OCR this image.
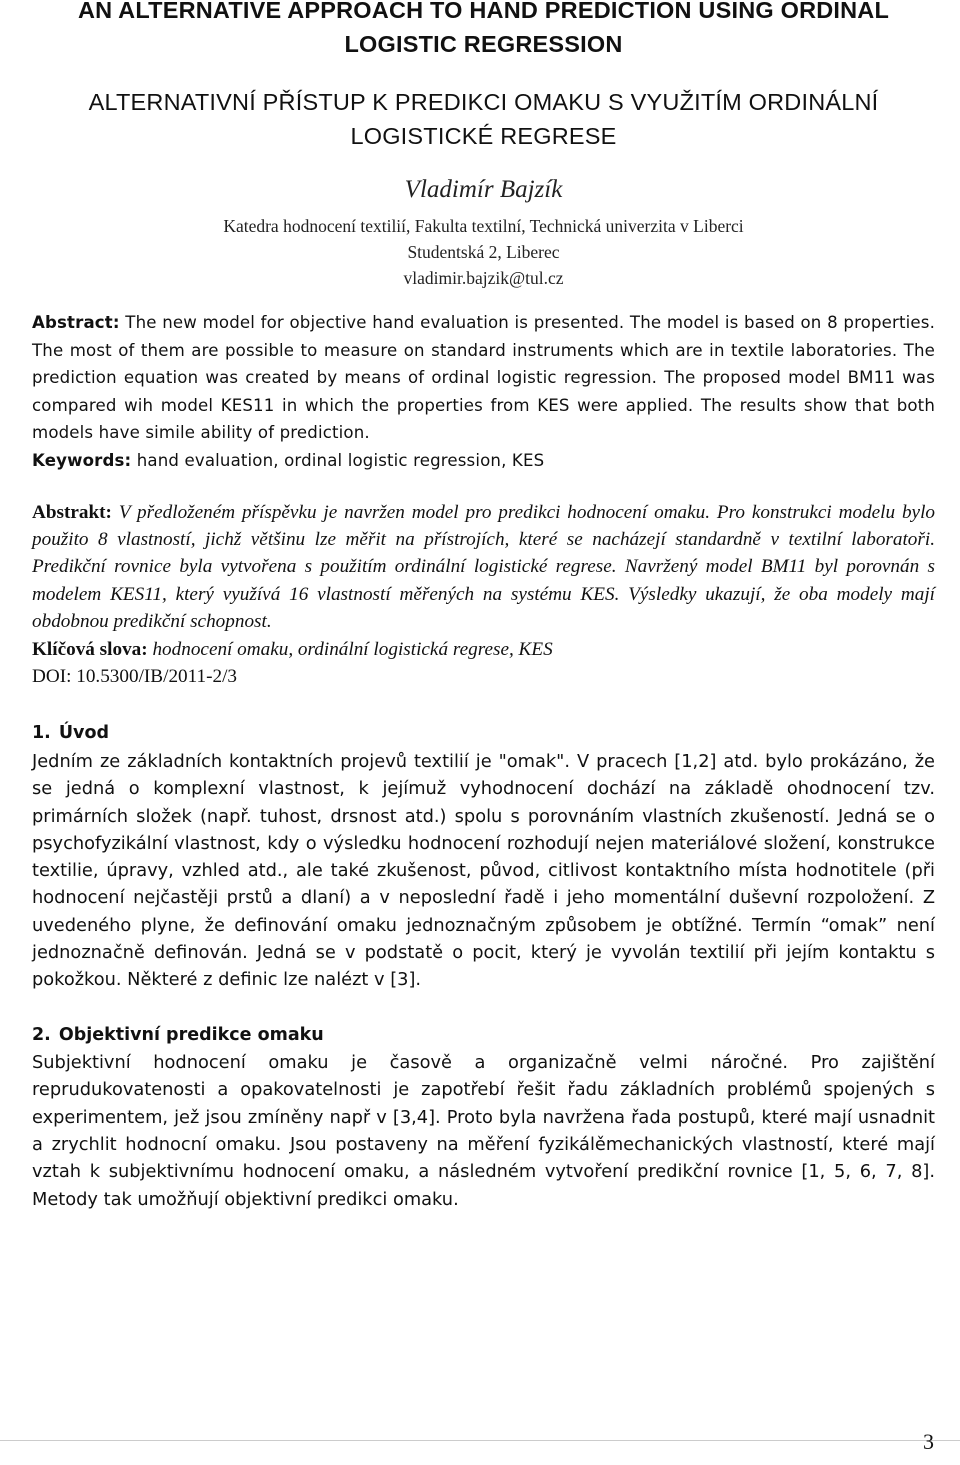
AN ALTERNATIVE APPROACH TO HAND PREDICTION USING ORDINAL LOGISTIC REGRESSION
ALTERNATIVNÍ PŘÍSTUP K PREDIKCI OMAKU S VYUŽITÍM ORDINÁLNÍ LOGISTICKÉ REGRESE
Vladimír Bajzík
Katedra hodnocení textilií, Fakulta textilní, Technická univerzita v Liberci
Studentská 2, Liberec
vladimir.bajzik@tul.cz
Abstract: The new model for objective hand evaluation is presented. The model is based on 8 properties. The most of them are possible to measure on standard instruments which are in textile laboratories. The prediction equation was created by means of ordinal logistic regression. The proposed model BM11 was compared wih model KES11 in which the properties from KES were applied. The results show that both models have simile ability of prediction.
Keywords: hand evaluation, ordinal logistic regression, KES
Abstrakt: V předloženém příspěvku je navržen model pro predikci hodnocení omaku. Pro konstrukci modelu bylo použito 8 vlastností, jichž většinu lze měřit na přístrojích, které se nacházejí standardně v textilní laboratoři. Predikční rovnice byla vytvořena s použitím ordinální logistické regrese. Navržený model BM11 byl porovnán s modelem KES11, který využívá 16 vlastností měřených na systému KES. Výsledky ukazují, že oba modely mají obdobnou predikční schopnost.
Klíčová slova: hodnocení omaku, ordinální logistická regrese, KES
DOI: 10.5300/IB/2011-2/3
1. Úvod
Jedním ze základních kontaktních projevů textilií je "omak". V pracech [1,2] atd. bylo prokázáno, že se jedná o komplexní vlastnost, k jejímuž vyhodnocení dochází na základě ohodnocení tzv. primárních složek (např. tuhost, drsnost atd.) spolu s porovnáním vlastních zkušeností. Jedná se o psychofyzikální vlastnost, kdy o výsledku hodnocení rozhodují nejen materiálové složení, konstrukce textilie, úpravy, vzhled atd., ale také zkušenost, původ, citlivost kontaktního místa hodnotitele (při hodnocení nejčastěji prstů a dlaní) a v neposlední řadě i jeho momentální duševní rozpoložení. Z uvedeného plyne, že definování omaku jednoznačným způsobem je obtížné. Termín “omak” není jednoznačně definován. Jedná se v podstatě o pocit, který je vyvolán textilií při jejím kontaktu s pokožkou. Některé z definic lze nalézt v [3].
2. Objektivní predikce omaku
Subjektivní hodnocení omaku je časově a organizačně velmi náročné. Pro zajištění reprudukovatenosti a opakovatelnosti je zapotřebí řešit řadu základních problémů spojených s experimentem, jež jsou zmíněny např v [3,4]. Proto byla navržena řada postupů, které mají usnadnit a zrychlit hodnocní omaku. Jsou postaveny na měření fyzikálěmechanických vlastností, které mají vztah k subjektivnímu hodnocení omaku, a následném vytvoření predikční rovnice [1, 5, 6, 7, 8]. Metody tak umožňují objektivní predikci omaku.
3
